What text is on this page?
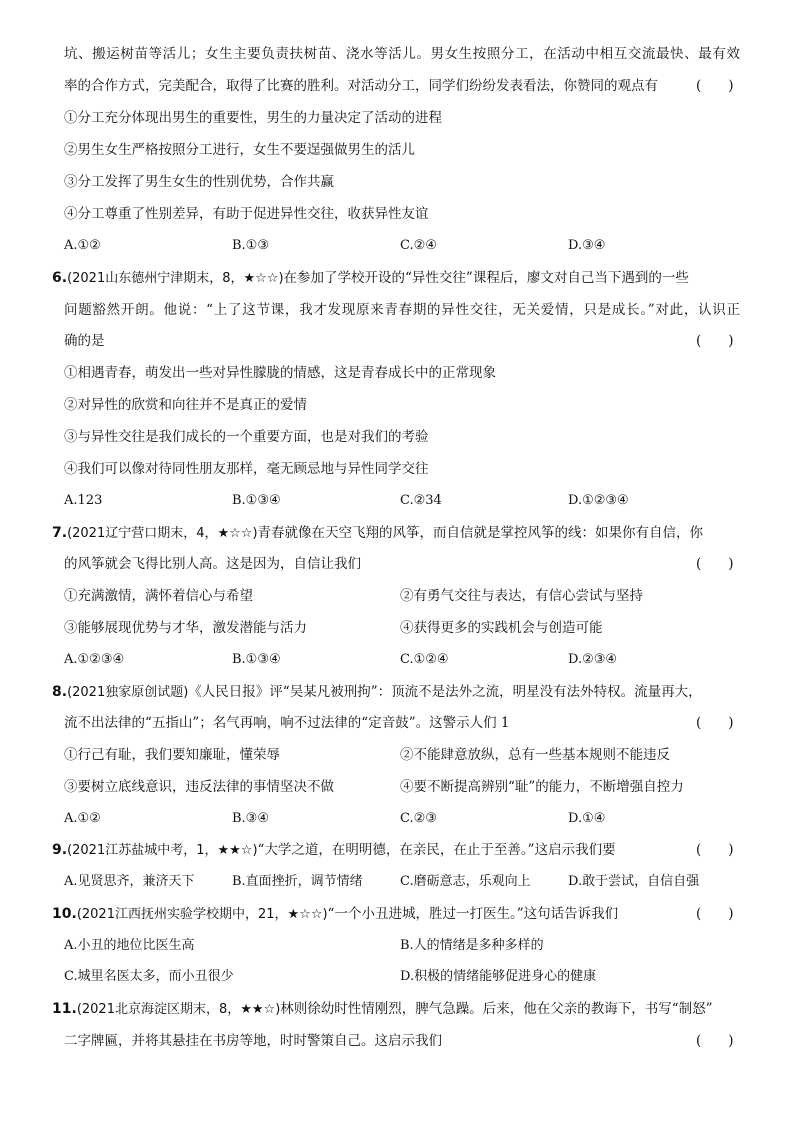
坑、搬运树苗等活儿；女生主要负责扶树苗、浇水等活儿。男女生按照分工，在活动中相互交流最快、最有效
率的合作方式，完美配合，取得了比赛的胜利。对活动分工，同学们纷纷发表看法，你赞同的观点有	(　　)
①分工充分体现出男生的重要性，男生的力量决定了活动的进程
②男生女生严格按照分工进行，女生不要逞强做男生的活儿
③分工发挥了男生女生的性别优势，合作共赢
④分工尊重了性别差异，有助于促进异性交往，收获异性友谊
A.①②	B.①③	C.②④	D.③④
6.(2021山东德州宁津期末，8，★☆☆)在参加了学校开设的“异性交往”课程后，廖文对自己当下遇到的一些
问题豁然开朗。他说：“上了这节课，我才发现原来青春期的异性交往，无关爱情，只是成长。”对此，认识正
确的是	(　　)
①相遇青春，萌发出一些对异性朦胧的情感，这是青春成长中的正常现象
②对异性的欣赏和向往并不是真正的爱情
③与异性交往是我们成长的一个重要方面，也是对我们的考验
④我们可以像对待同性朋友那样，毫无顾忌地与异性同学交往
A.123	B.①③④	C.②34	D.①②③④
7.(2021辽宁营口期末，4，★☆☆)青春就像在天空飞翔的风筝，而自信就是掌控风筝的线：如果你有自信，你
的风筝就会飞得比别人高。这是因为，自信让我们	(　　)
①充满激情，满怀着信心与希望	②有勇气交往与表达，有信心尝试与坚持
③能够展现优势与才华，激发潜能与活力	④获得更多的实践机会与创造可能
A.①②③④	B.①③④	C.①②④	D.②③④
8.(2021独家原创试题)《人民日报》评“吴某凡被刑拘”：顶流不是法外之流，明星没有法外特权。流量再大，
流不出法律的“五指山”；名气再响，响不过法律的“定音鼓”。这警示人们 1	(　　)
①行己有耻，我们要知廉耻，懂荣辱	②不能肆意放纵，总有一些基本规则不能违反
③要树立底线意识，违反法律的事情坚决不做	④要不断提高辨别“耻”的能力，不断增强自控力
A.①②	B.③④	C.②③	D.①④
9.(2021江苏盐城中考，1，★★☆)“大学之道，在明明德，在亲民，在止于至善。”这启示我们要	(　　)
A.见贤思齐，兼济天下	B.直面挫折，调节情绪	C.磨砺意志，乐观向上	D.敢于尝试，自信自强
10.(2021江西抚州实验学校期中，21，★☆☆)“一个小丑进城，胜过一打医生。”这句话告诉我们	(　　)
A.小丑的地位比医生高	B.人的情绪是多种多样的
C.城里名医太多，而小丑很少	D.积极的情绪能够促进身心的健康
11.(2021北京海淀区期末，8，★★☆)林则徐幼时性情刚烈，脾气急躁。后来，他在父亲的教诲下，书写“制怒”
二字牌匾，并将其悬挂在书房等地，时时警策自己。这启示我们	(　　)
